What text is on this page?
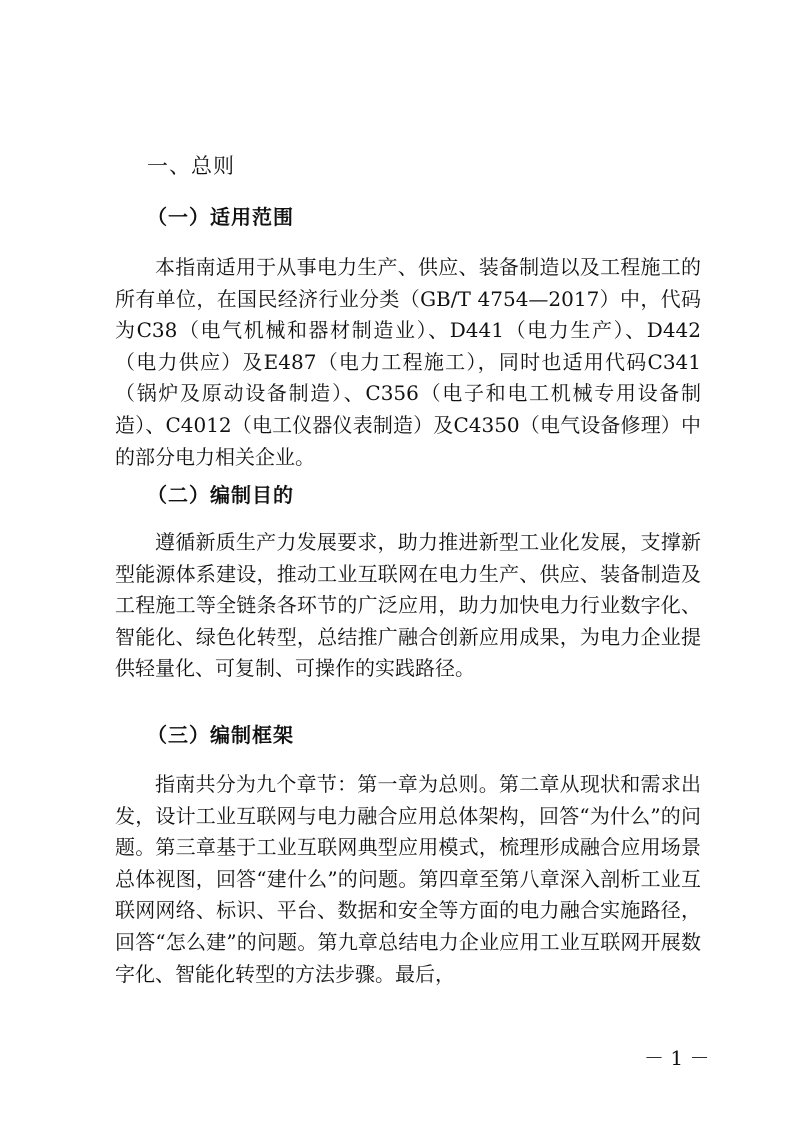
一、总则
（一）适用范围
本指南适用于从事电力生产、供应、装备制造以及工程施工的所有单位，在国民经济行业分类（GB/T 4754—2017）中，代码为C38（电气机械和器材制造业）、D441（电力生产）、D442（电力供应）及E487（电力工程施工），同时也适用代码C341（锅炉及原动设备制造）、C356（电子和电工机械专用设备制造）、C4012（电工仪器仪表制造）及C4350（电气设备修理）中的部分电力相关企业。
（二）编制目的
遵循新质生产力发展要求，助力推进新型工业化发展，支撑新型能源体系建设，推动工业互联网在电力生产、供应、装备制造及工程施工等全链条各环节的广泛应用，助力加快电力行业数字化、智能化、绿色化转型，总结推广融合创新应用成果，为电力企业提供轻量化、可复制、可操作的实践路径。
（三）编制框架
指南共分为九个章节：第一章为总则。第二章从现状和需求出发，设计工业互联网与电力融合应用总体架构，回答“为什么”的问题。第三章基于工业互联网典型应用模式，梳理形成融合应用场景总体视图，回答“建什么”的问题。第四章至第八章深入剖析工业互联网网络、标识、平台、数据和安全等方面的电力融合实施路径，回答“怎么建”的问题。第九章总结电力企业应用工业互联网开展数字化、智能化转型的方法步骤。最后，
－ 1 －
